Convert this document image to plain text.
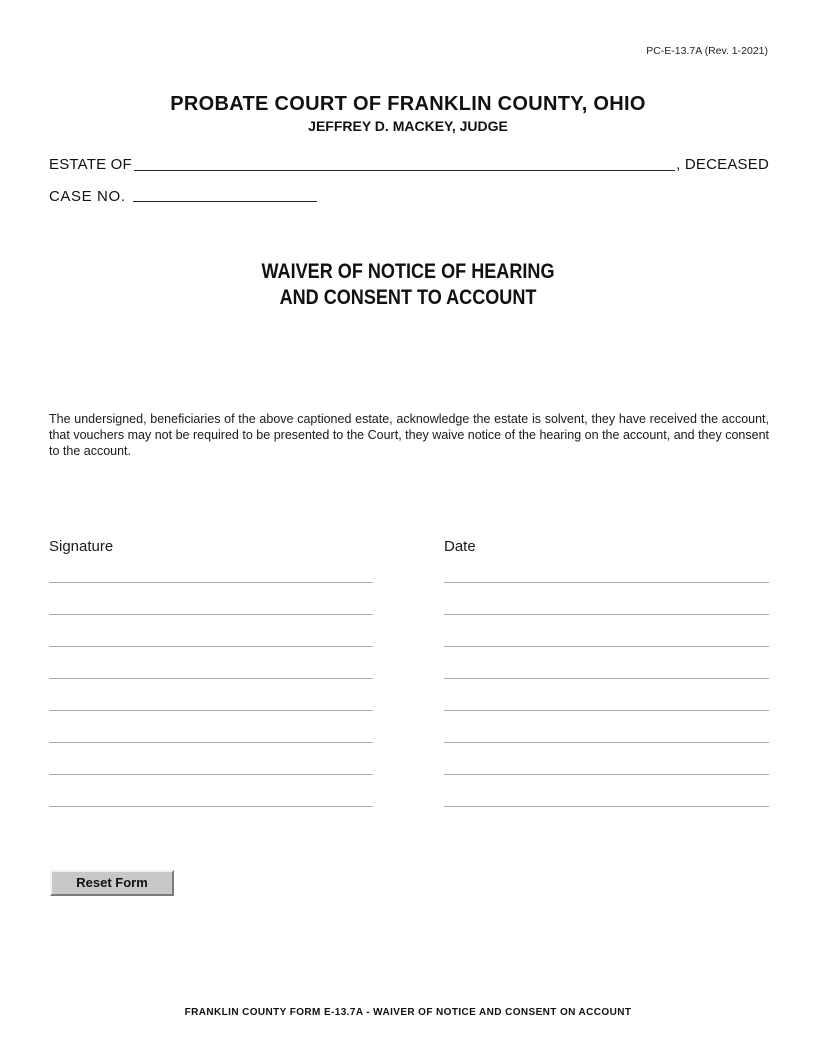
PC-E-13.7A (Rev. 1-2021)
PROBATE COURT OF FRANKLIN COUNTY, OHIO
JEFFREY D. MACKEY, JUDGE
ESTATE OF	, DECEASED
CASE NO.
WAIVER OF NOTICE OF HEARING
AND CONSENT TO ACCOUNT
The undersigned, beneficiaries of the above captioned estate, acknowledge the estate is solvent, they have received the account, that vouchers may not be required to be presented to the Court, they waive notice of the hearing on the account, and they consent to the account.
Signature	Date
Reset Form
FRANKLIN COUNTY FORM E-13.7A - WAIVER OF NOTICE AND CONSENT ON ACCOUNT
